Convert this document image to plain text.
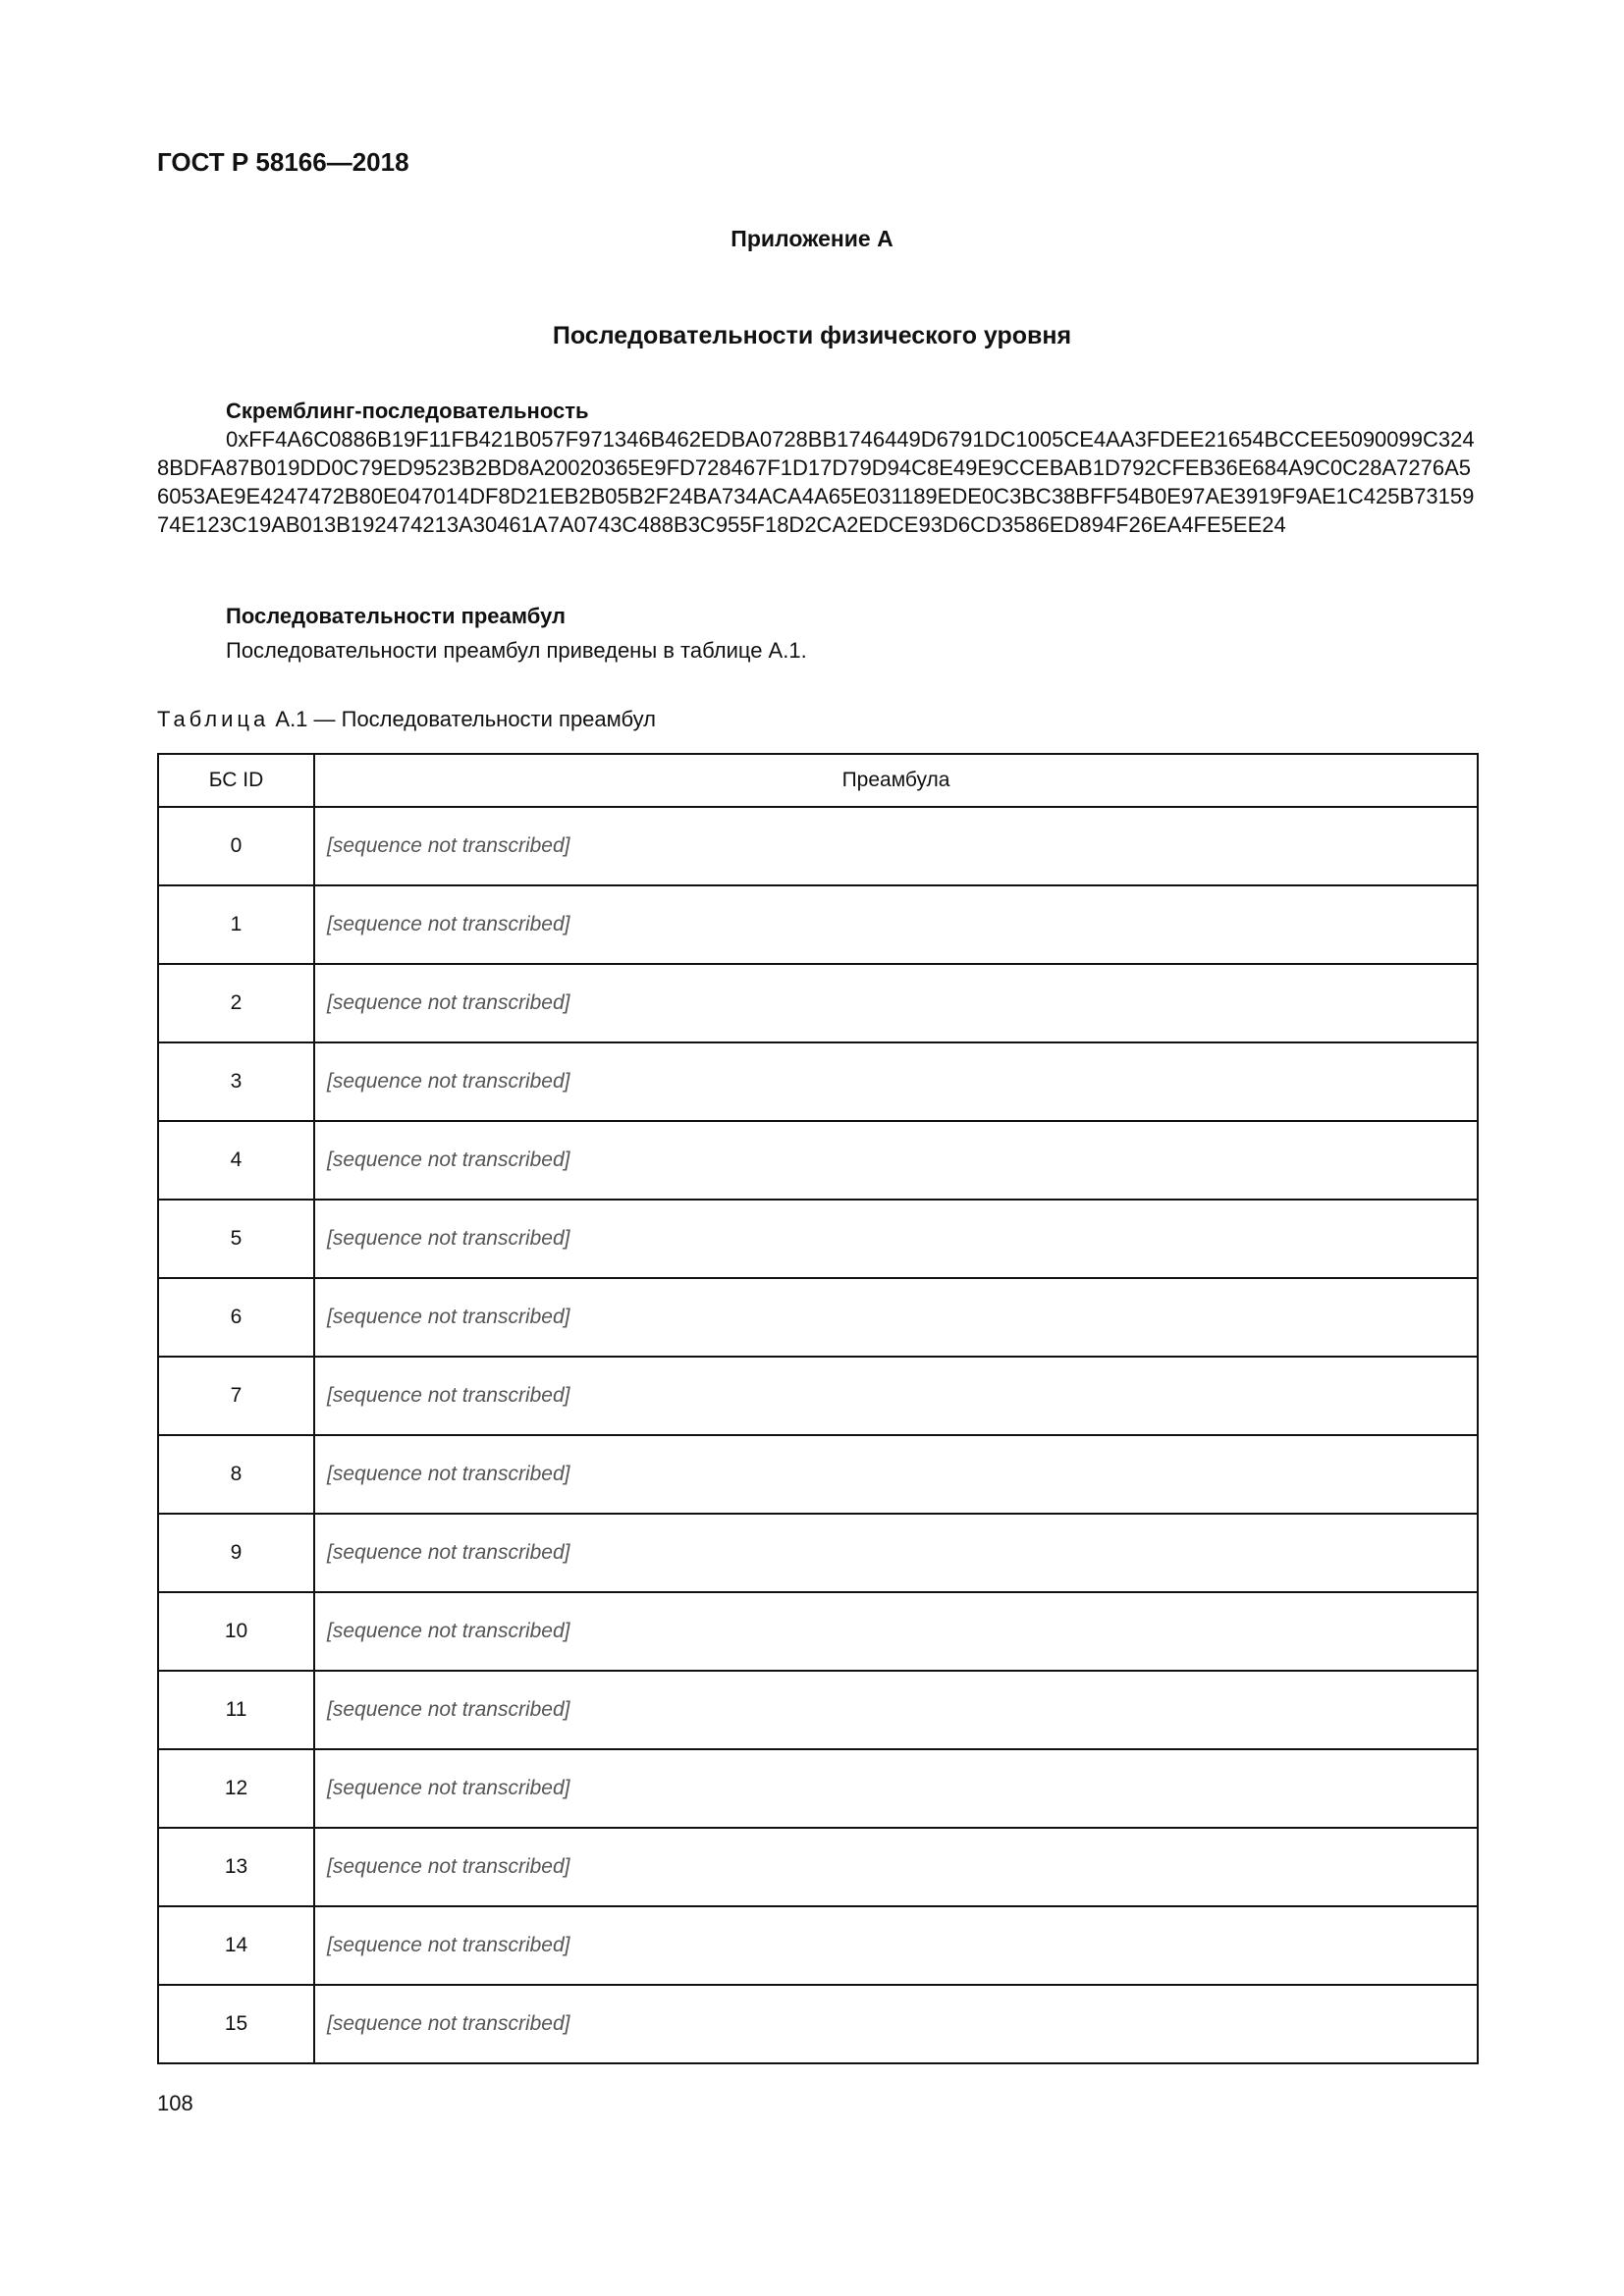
ГОСТ Р 58166—2018
Приложение А
Последовательности физического уровня
Скремблинг-последовательность
0xFF4A6C0886B19F11FB421B057F971346B462EDBA0728BB1746449D6791DC1005CE4AA3FDEE21654BCCEE5090099C3248BDFA87B019DD0C79ED9523B2BD8A20020365E9FD728467F1D17D79D94C8E49E9CCEBAB1D792CFEB36E684A9C0C28A7276A56053AE9E4247472B80E047014DF8D21EB2B05B2F24BA734ACA4A65E031189EDE0C3BC38BFF54B0E97AE3919F9AE1C425B7315974E123C19AB013B192474213A30461A7A0743C488B3C955F18D2CA2EDCE93D6CD3586ED894F26EA4FE5EE24
Последовательности преамбул
Последовательности преамбул приведены в таблице А.1.
Таблица А.1 — Последовательности преамбул
БС ID	Преамбула
0	[sequence not transcribed]
1	[sequence not transcribed]
2	[sequence not transcribed]
3	[sequence not transcribed]
4	[sequence not transcribed]
5	[sequence not transcribed]
6	[sequence not transcribed]
7	[sequence not transcribed]
8	[sequence not transcribed]
9	[sequence not transcribed]
10	[sequence not transcribed]
11	[sequence not transcribed]
12	[sequence not transcribed]
13	[sequence not transcribed]
14	[sequence not transcribed]
15	[sequence not transcribed]
108
